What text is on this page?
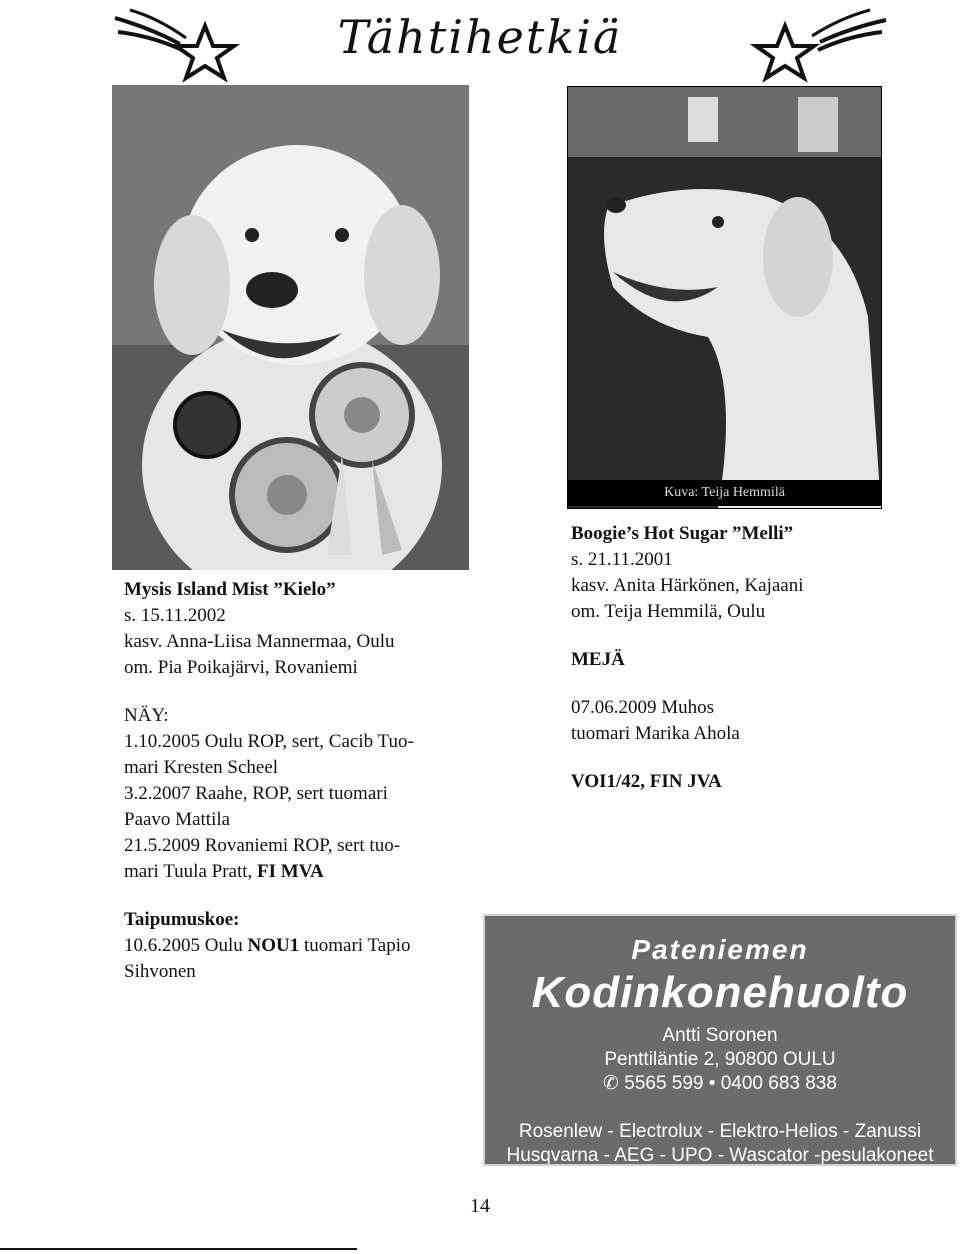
Tähtihetkiä
Kuva: Teija Hemmilä

Mysis Island Mist ”Kielo”

s. 15.11.2002

kasv. Anna-Liisa Mannermaa, Oulu

om. Pia Poikajärvi, Rovaniemi

NÄY:

1.10.2005 Oulu ROP, sert, Cacib Tuo-

mari Kresten Scheel

3.2.2007 Raahe, ROP, sert tuomari

Paavo Mattila

21.5.2009 Rovaniemi ROP, sert tuo-

mari Tuula Pratt, FI MVA

Taipumuskoe:

10.6.2005 Oulu NOU1 tuomari Tapio

Sihvonen

Boogie’s Hot Sugar ”Melli”

s. 21.11.2001

kasv. Anita Härkönen, Kajaani

om. Teija Hemmilä, Oulu

MEJÄ

07.06.2009 Muhos

tuomari Marika Ahola

VOI1/42, FIN JVA

Pateniemen
Kodinkonehuolto
Antti Soronen
Penttiläntie 2, 90800 OULU
✆ 5565 599 • 0400 683 838
Rosenlew - Electrolux - Elektro-Helios - Zanussi
Husqvarna - AEG - UPO - Wascator -pesulakoneet
14
